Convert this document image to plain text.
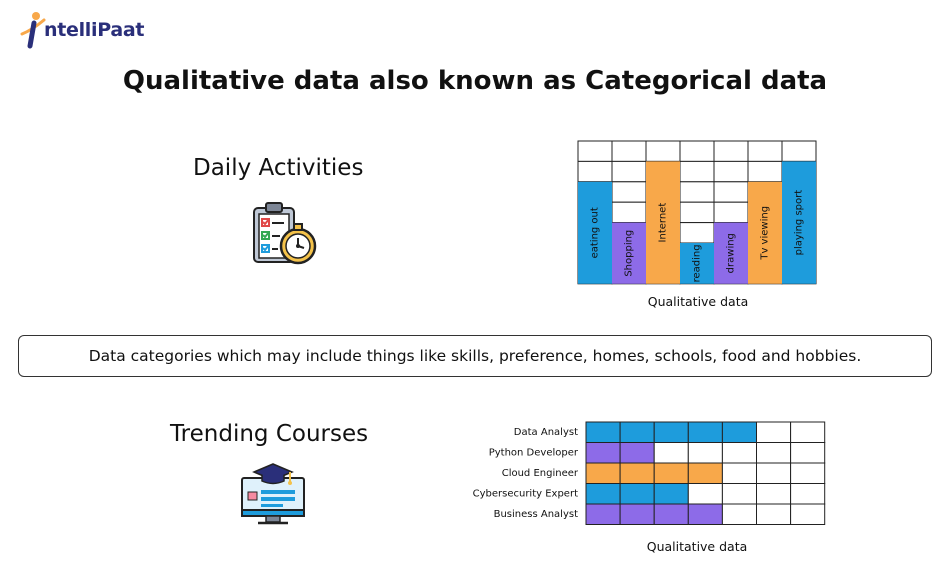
ntelliPaat
Qualitative data also known as Categorical data
Daily Activities
eating out Shopping
Internet
reading drawing Tv viewing playing sport
Qualitative data
Data categories which may include things like skills, preference, homes, schools, food and hobbies.
Trending Courses	Data Analyst
Python Developer
Cloud Engineer
Cybersecurity Expert
Business Analyst
Qualitative data
